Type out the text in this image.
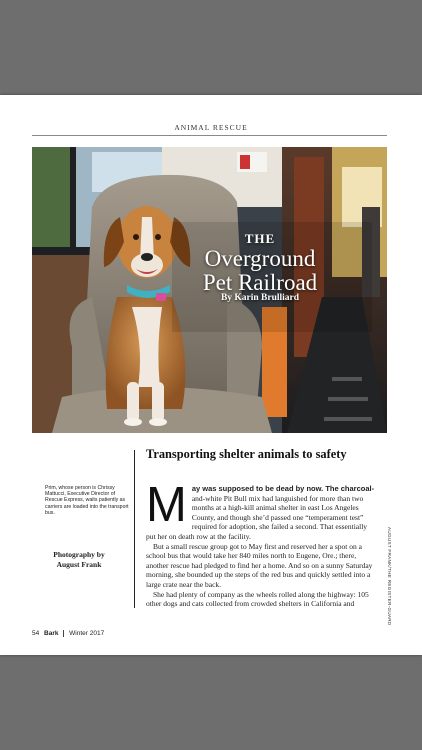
ANIMAL RESCUE
THE
Overground
Pet Railroad
By Karin Brulliard
Prim, whose person is Chrissy Mattucci, Executive Director of Rescue Express, waits patiently as carriers are loaded into the transport bus.
Photography by
August Frank
Transporting shelter animals to safety
M ay was supposed to be dead by now. The charcoal- and-white Pit Bull mix had languished for more than two months at a high-kill animal shelter in east Los Angeles County, and though she’d passed one “temperament test” required for adoption, she failed a second. That essentially put her on death row at the facility.

But a small rescue group got to May first and reserved her a spot on a school bus that would take her 840 miles north to Eugene, Ore.; there, another rescue had pledged to find her a home. And so on a sunny Saturday morning, she bounded up the steps of the red bus and quickly settled into a large crate near the back.

She had plenty of company as the wheels rolled along the highway: 105 other dogs and cats collected from crowded shelters in California and	AUGUST FRANK/THE REGISTER-GUARD
54 Bark Winter 2017
